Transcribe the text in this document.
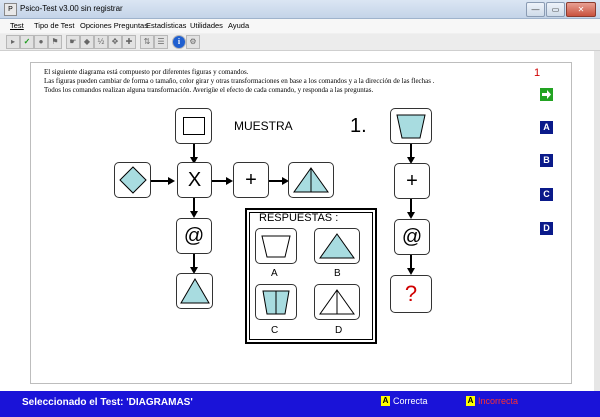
P Psico-Test v3.00 sin registrar	—	▭	✕
Test Tipo de Test Opciones Preguntas
Estadísticas Utilidades Ayuda
▸	✓	● ⚑	☛ ◆ ½ ✥ ✚	⇅ ☰	i	⚙
El siguiente diagrama está compuesto por diferentes figuras y comandos.
Las figuras pueden cambiar de forma o tamaño, color girar y otras transformaciones en base a los comandos y a la dirección de las flechas .
Todos los comandos realizan alguna transformación. Averigüe el efecto de cada comando, y responda a las preguntas.
1
A
B
C
D
MUESTRA
X +
@
RESPUESTAS :
A	B
C	D
1.
+
@
?
Seleccionado el Test: 'DIAGRAMAS'	A Correcta	A Incorrecta
